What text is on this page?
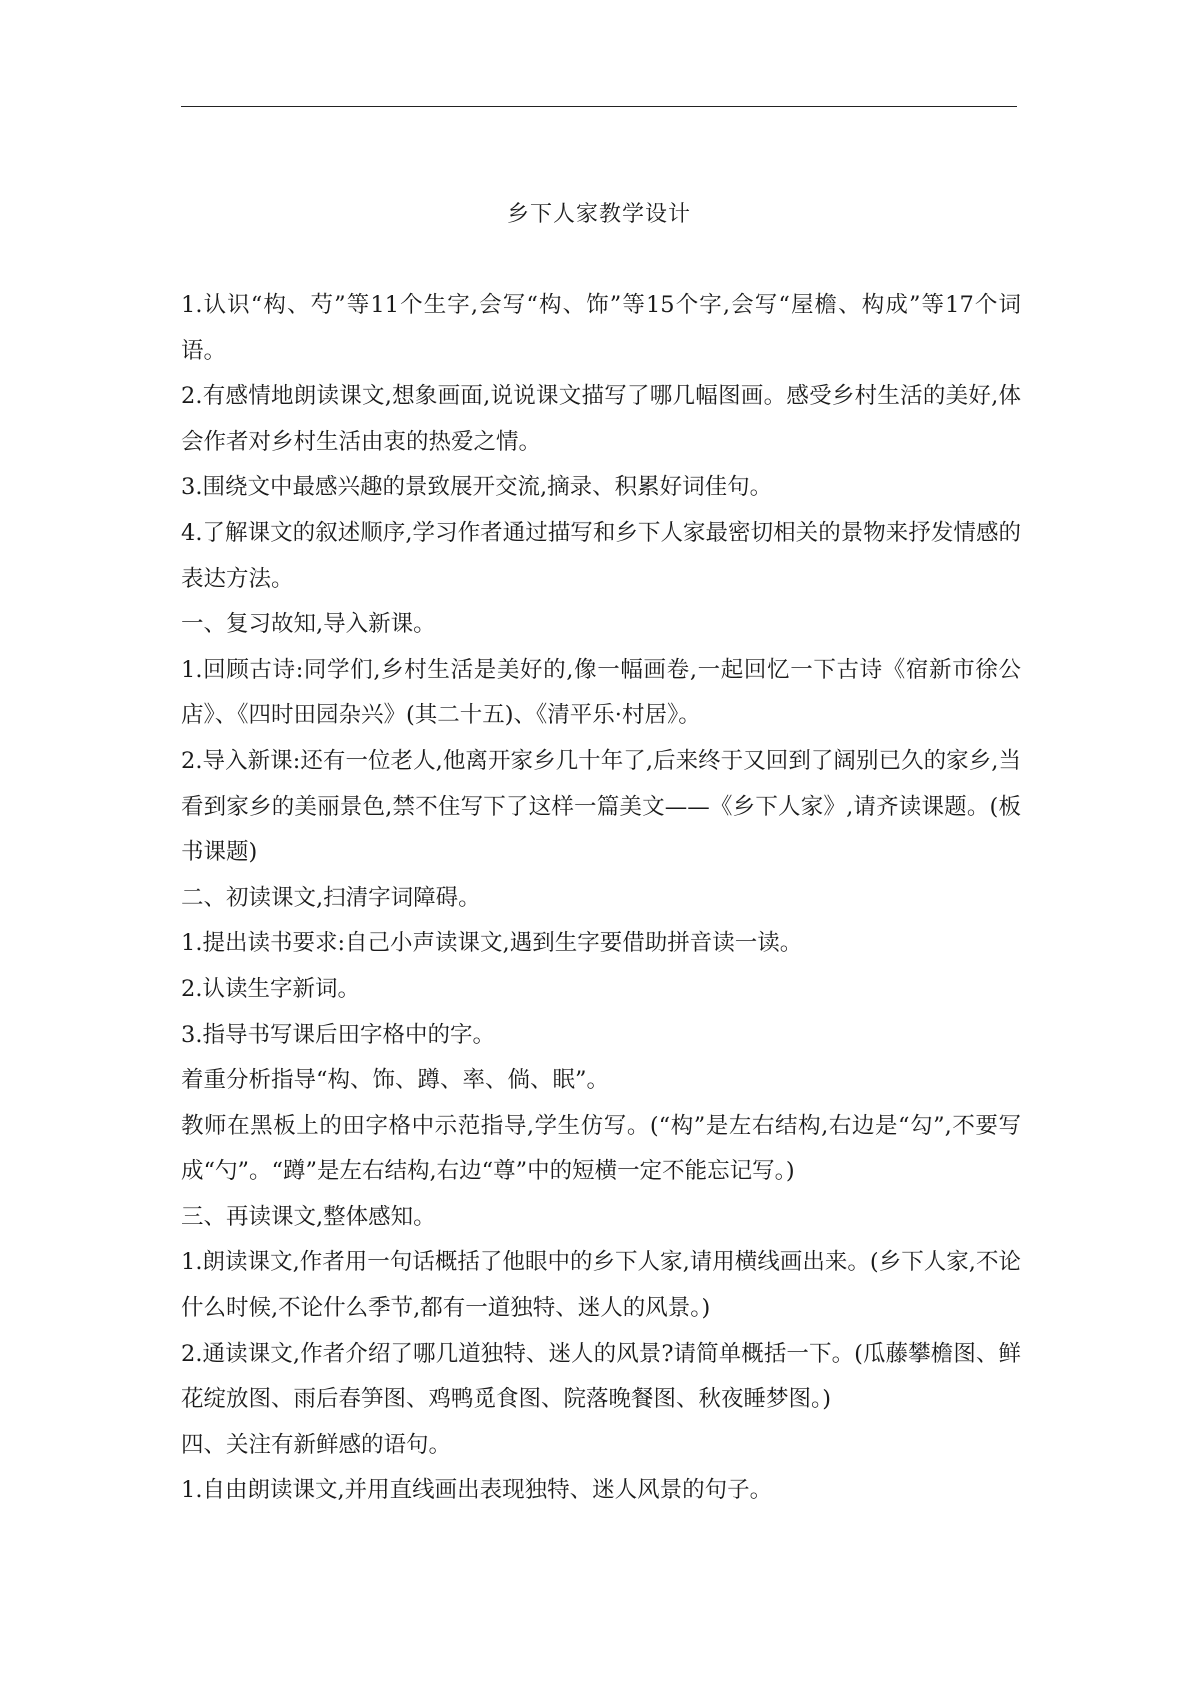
乡下人家教学设计

1.认识“构、芍”等11个生字,会写“构、饰”等15个字,会写“屋檐、构成”等17个词语。

2.有感情地朗读课文,想象画面,说说课文描写了哪几幅图画。感受乡村生活的美好,体会作者对乡村生活由衷的热爱之情。

3.围绕文中最感兴趣的景致展开交流,摘录、积累好词佳句。

4.了解课文的叙述顺序,学习作者通过描写和乡下人家最密切相关的景物来抒发情感的表达方法。

一、复习故知,导入新课。

1.回顾古诗:同学们,乡村生活是美好的,像一幅画卷,一起回忆一下古诗《宿新市徐公店》、《四时田园杂兴》(其二十五)、《清平乐·村居》。

2.导入新课:还有一位老人,他离开家乡几十年了,后来终于又回到了阔别已久的家乡,当看到家乡的美丽景色,禁不住写下了这样一篇美文——《乡下人家》,请齐读课题。(板书课题)

二、初读课文,扫清字词障碍。

1.提出读书要求:自己小声读课文,遇到生字要借助拼音读一读。

2.认读生字新词。

3.指导书写课后田字格中的字。

着重分析指导“构、饰、蹲、率、倘、眠”。

教师在黑板上的田字格中示范指导,学生仿写。(“构”是左右结构,右边是“勾”,不要写成“勺”。“蹲”是左右结构,右边“尊”中的短横一定不能忘记写。)

三、再读课文,整体感知。

1.朗读课文,作者用一句话概括了他眼中的乡下人家,请用横线画出来。(乡下人家,不论什么时候,不论什么季节,都有一道独特、迷人的风景。)

2.通读课文,作者介绍了哪几道独特、迷人的风景?请简单概括一下。(瓜藤攀檐图、鲜花绽放图、雨后春笋图、鸡鸭觅食图、院落晚餐图、秋夜睡梦图。)

四、关注有新鲜感的语句。

1.自由朗读课文,并用直线画出表现独特、迷人风景的句子。
